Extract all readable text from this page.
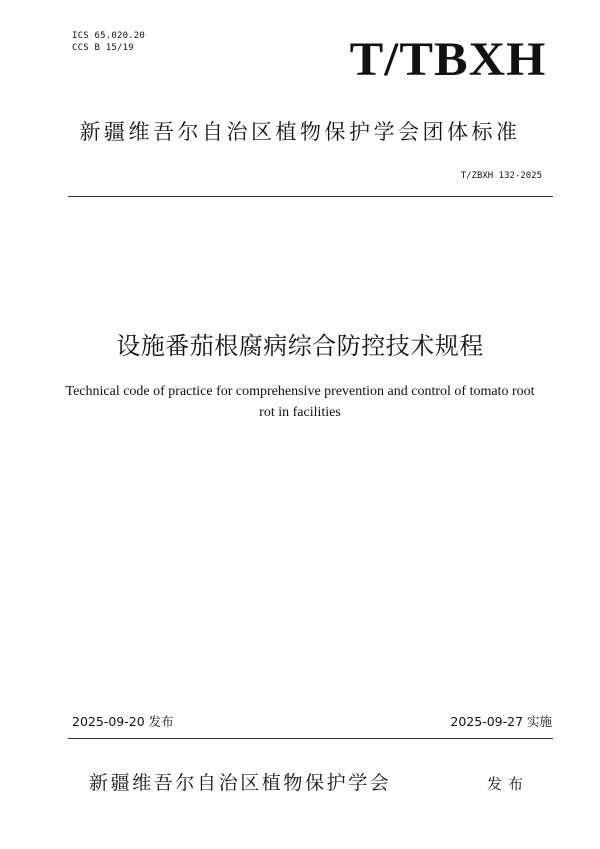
ICS 65.020.20
CCS B 15/19	T/TBXH
新疆维吾尔自治区植物保护学会团体标准
T/ZBXH 132-2025
设施番茄根腐病综合防控技术规程
Technical code of practice for comprehensive prevention and control of tomato root
rot in facilities
2025-09-20 发布	2025-09-27 实施
新疆维吾尔自治区植物保护学会	发布
